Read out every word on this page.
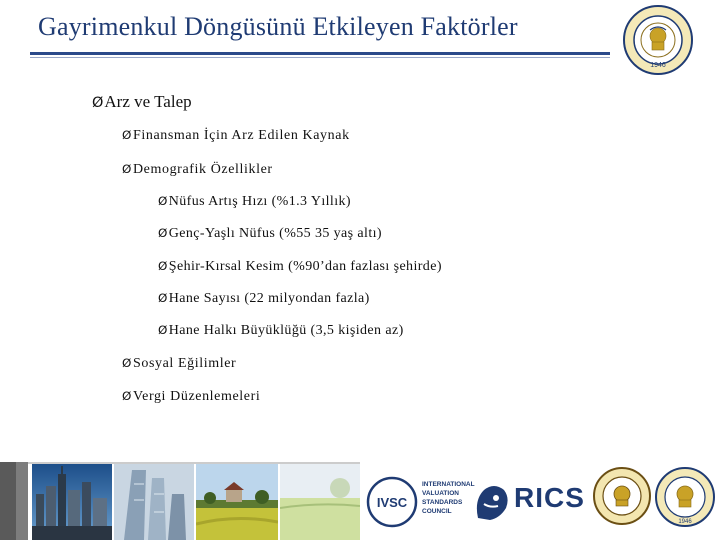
Gayrimenkul Döngüsünü Etkileyen Faktörler
1946
ØArz ve Talep
ØFinansman İçin Arz Edilen Kaynak
ØDemografik Özellikler
ØNüfus Artış Hızı (%1.3 Yıllık)
ØGenç-Yaşlı Nüfus (%55 35 yaş altı)
ØŞehir-Kırsal Kesim (%90’dan fazlası şehirde)
ØHane Sayısı (22 milyondan fazla)
ØHane Halkı Büyüklüğü (3,5 kişiden az)
ØSosyal Eğilimler
ØVergi Düzenlemeleri
IVSC
INTERNATIONAL
VALUATION
STANDARDS
COUNCIL	RICS
1946
